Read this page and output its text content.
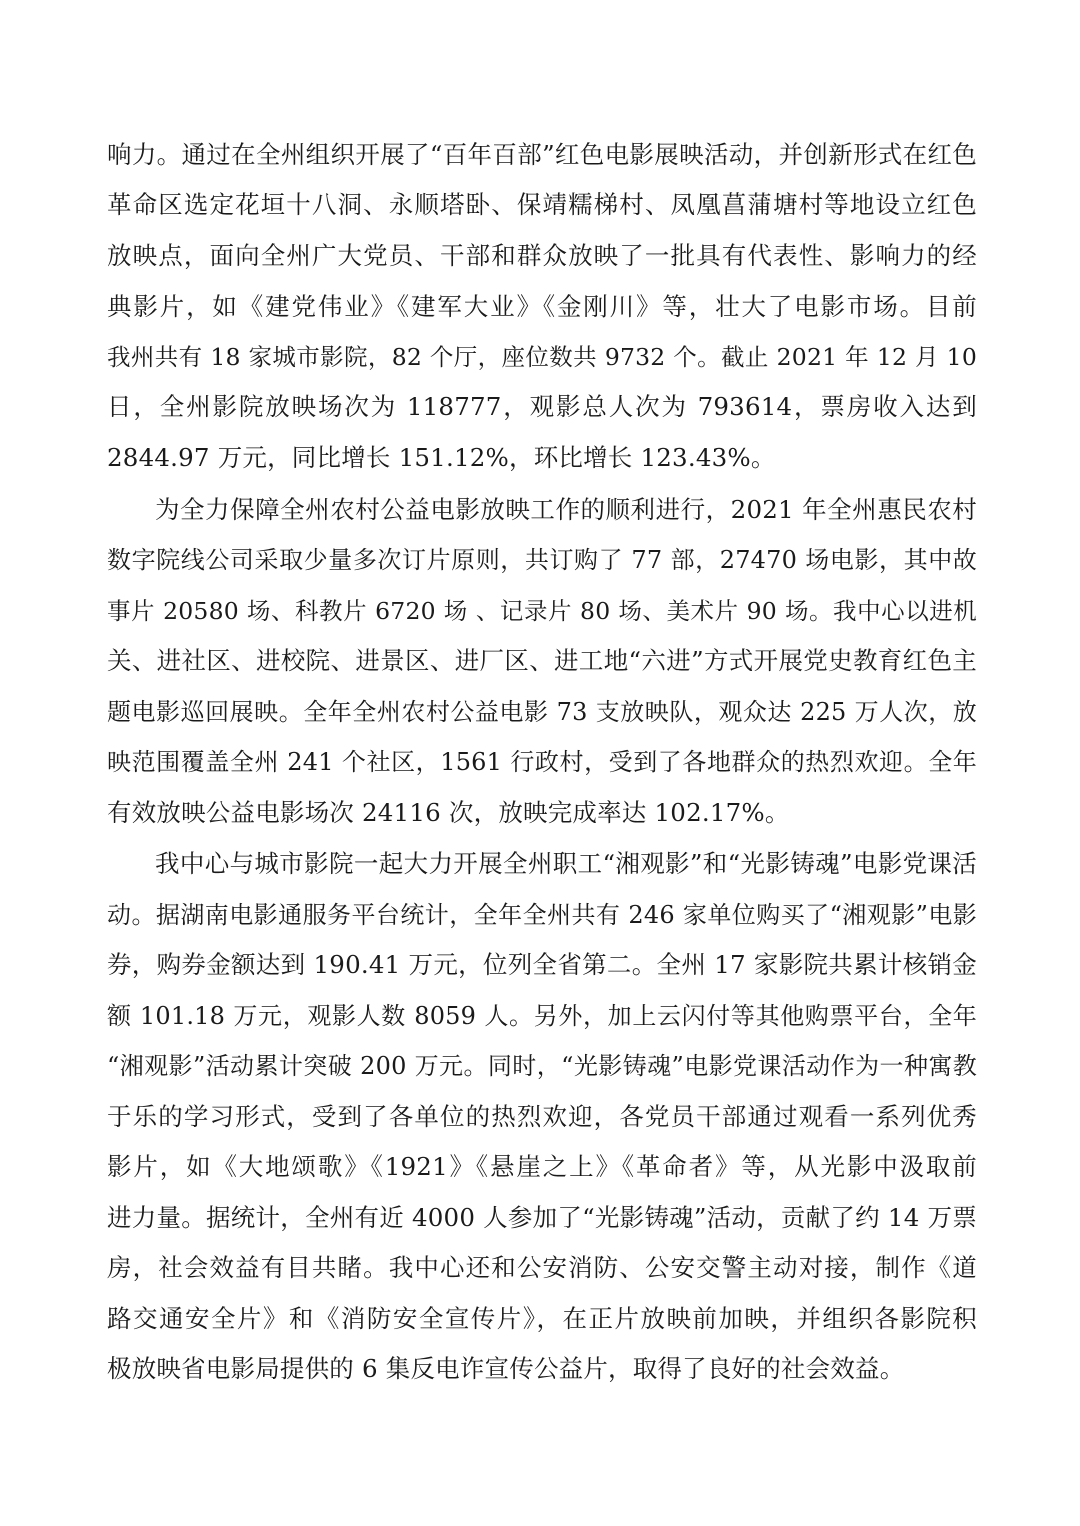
响力。通过在全州组织开展了“百年百部”红色电影展映活动，并创新形式在红色
革命区选定花垣十八洞、永顺塔卧、保靖糯梯村、凤凰菖蒲塘村等地设立红色
放映点，面向全州广大党员、干部和群众放映了一批具有代表性、影响力的经
典影片，如《建党伟业》《建军大业》《金刚川》等，壮大了电影市场。目前
我州共有 18 家城市影院，82 个厅，座位数共 9732 个。截止 2021 年 12 月 10
日，全州影院放映场次为 118777，观影总人次为 793614，票房收入达到
2844.97 万元，同比增长 151.12%，环比增长 123.43%。
为全力保障全州农村公益电影放映工作的顺利进行，2021 年全州惠民农村
数字院线公司采取少量多次订片原则，共订购了 77 部，27470 场电影，其中故
事片 20580 场、科教片 6720 场 、记录片 80 场、美术片 90 场。我中心以进机
关、进社区、进校院、进景区、进厂区、进工地“六进”方式开展党史教育红色主
题电影巡回展映。全年全州农村公益电影 73 支放映队，观众达 225 万人次，放
映范围覆盖全州 241 个社区，1561 行政村，受到了各地群众的热烈欢迎。全年
有效放映公益电影场次 24116 次，放映完成率达 102.17%。
我中心与城市影院一起大力开展全州职工“湘观影”和“光影铸魂”电影党课活
动。据湖南电影通服务平台统计，全年全州共有 246 家单位购买了“湘观影”电影
券，购券金额达到 190.41 万元，位列全省第二。全州 17 家影院共累计核销金
额 101.18 万元，观影人数 8059 人。另外，加上云闪付等其他购票平台，全年
“湘观影”活动累计突破 200 万元。同时，“光影铸魂”电影党课活动作为一种寓教
于乐的学习形式，受到了各单位的热烈欢迎，各党员干部通过观看一系列优秀
影片，如《大地颂歌》《1921》《悬崖之上》《革命者》等，从光影中汲取前
进力量。据统计，全州有近 4000 人参加了“光影铸魂”活动，贡献了约 14 万票
房，社会效益有目共睹。我中心还和公安消防、公安交警主动对接，制作《道
路交通安全片》和《消防安全宣传片》，在正片放映前加映，并组织各影院积
极放映省电影局提供的 6 集反电诈宣传公益片，取得了良好的社会效益。
